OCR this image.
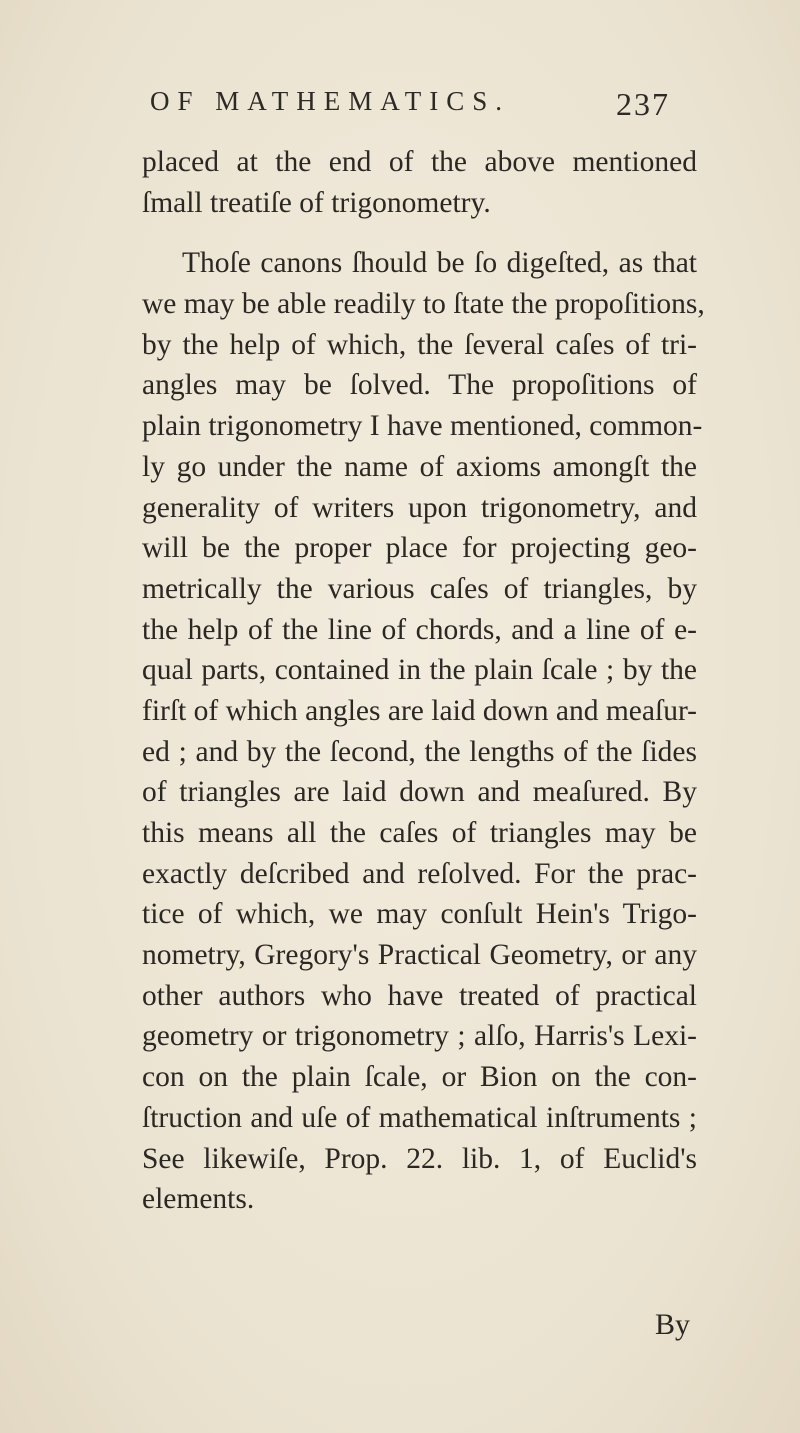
OF MATHEMATICS.	237
placed at the end of the above mentioned
ſmall treatiſe of trigonometry.
Thoſe canons ſhould be ſo digeſted, as that
we may be able readily to ſtate the propoſitions,
by the help of which, the ſeveral caſes of tri-
angles may be ſolved. The propoſitions of
plain trigonometry I have mentioned, common-
ly go under the name of axioms amongſt the
generality of writers upon trigonometry, and
will be the proper place for projecting geo-
metrically the various caſes of triangles, by
the help of the line of chords, and a line of e-
qual parts, contained in the plain ſcale ; by the
firſt of which angles are laid down and meaſur-
ed ; and by the ſecond, the lengths of the ſides
of triangles are laid down and meaſured. By
this means all the caſes of triangles may be
exactly deſcribed and reſolved. For the prac-
tice of which, we may conſult Hein's Trigo-
nometry, Gregory's Practical Geometry, or any
other authors who have treated of practical
geometry or trigonometry ; alſo, Harris's Lexi-
con on the plain ſcale, or Bion on the con-
ſtruction and uſe of mathematical inſtruments ;
See likewiſe, Prop. 22. lib. 1, of Euclid's
elements.
By
